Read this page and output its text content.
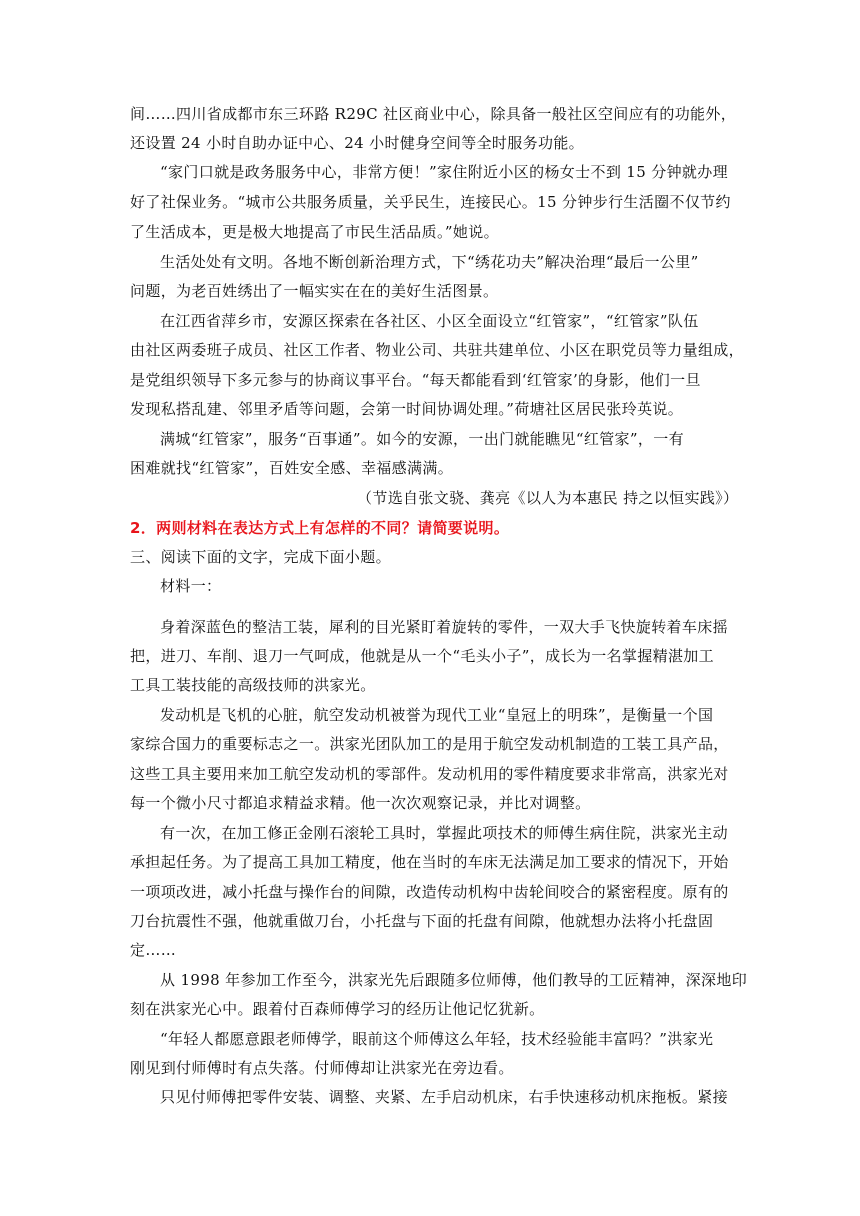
间……四川省成都市东三环路 R29C 社区商业中心，除具备一般社区空间应有的功能外，
还设置 24 小时自助办证中心、24 小时健身空间等全时服务功能。
“家门口就是政务服务中心，非常方便！”家住附近小区的杨女士不到 15 分钟就办理
好了社保业务。“城市公共服务质量，关乎民生，连接民心。15 分钟步行生活圈不仅节约
了生活成本，更是极大地提高了市民生活品质。”她说。
生活处处有文明。各地不断创新治理方式，下“绣花功夫”解决治理“最后一公里”
问题，为老百姓绣出了一幅实实在在的美好生活图景。
在江西省萍乡市，安源区探索在各社区、小区全面设立“红管家”，“红管家”队伍
由社区两委班子成员、社区工作者、物业公司、共驻共建单位、小区在职党员等力量组成，
是党组织领导下多元参与的协商议事平台。“每天都能看到‘红管家’的身影，他们一旦
发现私搭乱建、邻里矛盾等问题，会第一时间协调处理。”荷塘社区居民张玲英说。
满城“红管家”，服务“百事通”。如今的安源，一出门就能瞧见“红管家”，一有
困难就找“红管家”，百姓安全感、幸福感满满。
（节选自张文骁、龚亮《以人为本惠民 持之以恒实践》）
2．两则材料在表达方式上有怎样的不同？请简要说明。
三、阅读下面的文字，完成下面小题。
材料一：
身着深蓝色的整洁工装，犀利的目光紧盯着旋转的零件，一双大手飞快旋转着车床摇
把，进刀、车削、退刀一气呵成，他就是从一个“毛头小子”，成长为一名掌握精湛加工
工具工装技能的高级技师的洪家光。
发动机是飞机的心脏，航空发动机被誉为现代工业“皇冠上的明珠”，是衡量一个国
家综合国力的重要标志之一。洪家光团队加工的是用于航空发动机制造的工装工具产品，
这些工具主要用来加工航空发动机的零部件。发动机用的零件精度要求非常高，洪家光对
每一个微小尺寸都追求精益求精。他一次次观察记录，并比对调整。
有一次，在加工修正金刚石滚轮工具时，掌握此项技术的师傅生病住院，洪家光主动
承担起任务。为了提高工具加工精度，他在当时的车床无法满足加工要求的情况下，开始
一项项改进，减小托盘与操作台的间隙，改造传动机构中齿轮间咬合的紧密程度。原有的
刀台抗震性不强，他就重做刀台，小托盘与下面的托盘有间隙，他就想办法将小托盘固
定……
从 1998 年参加工作至今，洪家光先后跟随多位师傅，他们教导的工匠精神，深深地印
刻在洪家光心中。跟着付百森师傅学习的经历让他记忆犹新。
“年轻人都愿意跟老师傅学，眼前这个师傅这么年轻，技术经验能丰富吗？”洪家光
刚见到付师傅时有点失落。付师傅却让洪家光在旁边看。
只见付师傅把零件安装、调整、夹紧、左手启动机床，右手快速移动机床拖板。紧接
